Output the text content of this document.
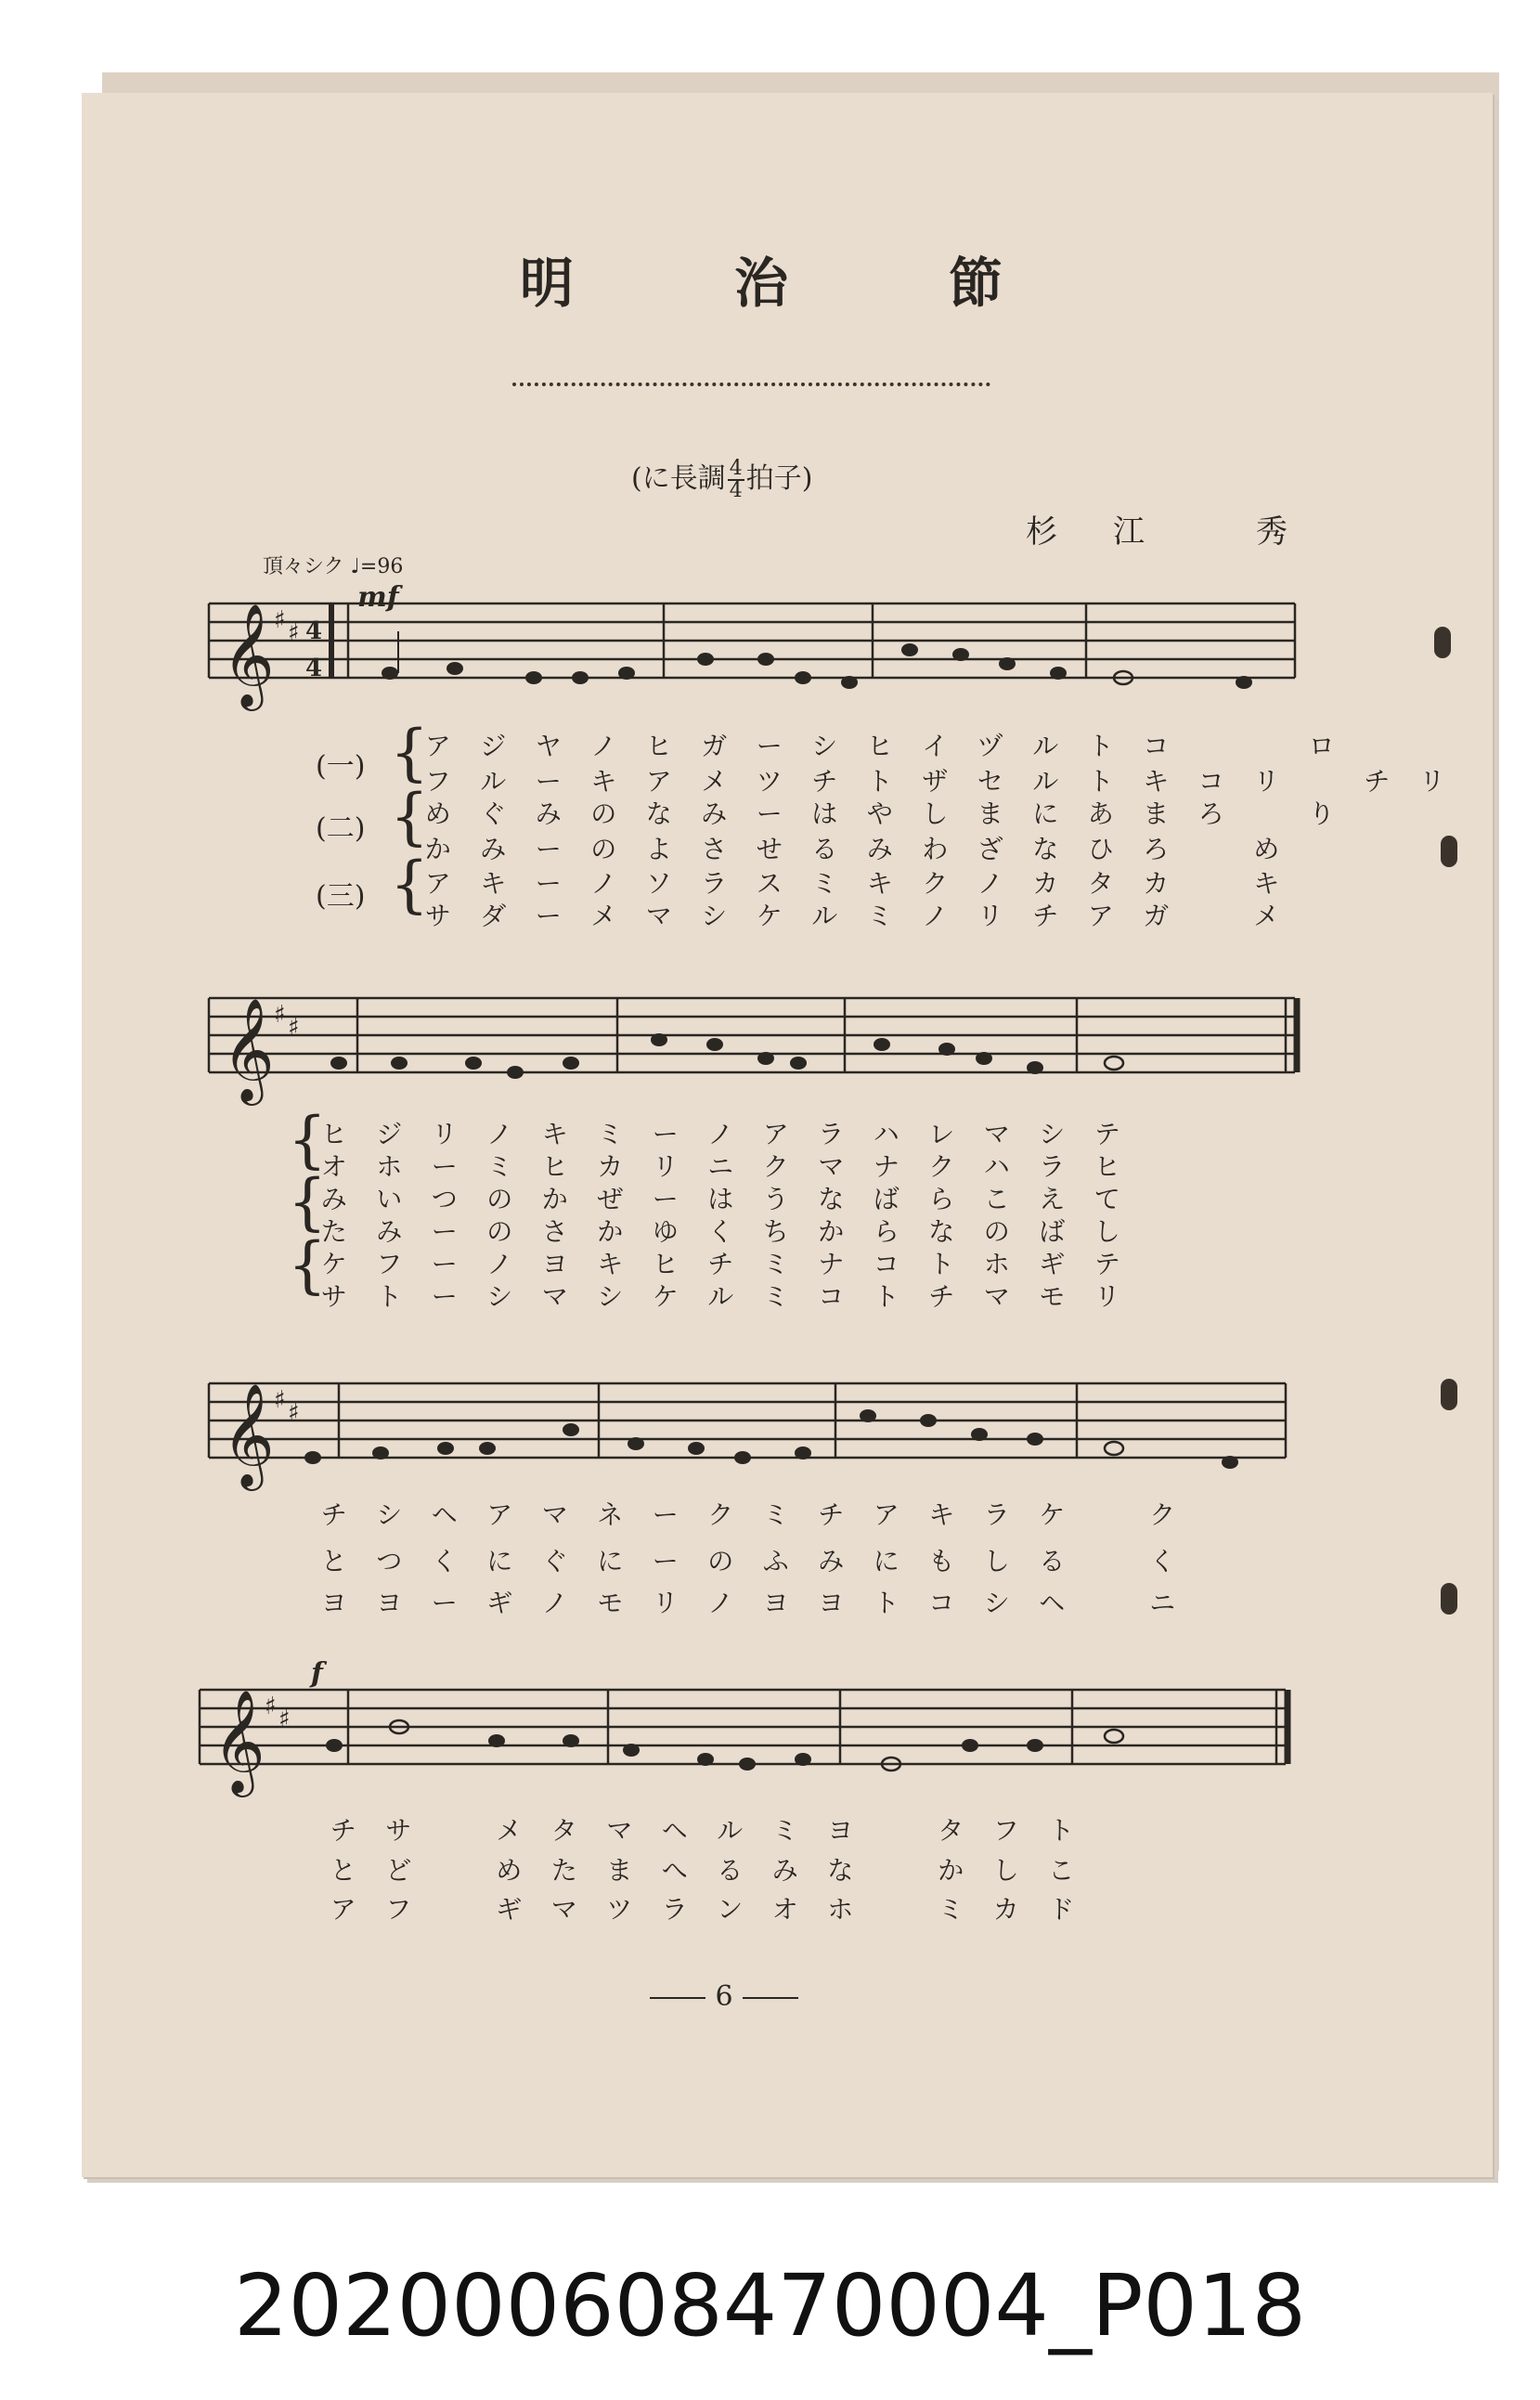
明	治	節
(に長調 $\frac{4}{4}$ 拍子)
杉江 秀
頂々シク ♩=96
mf
f
𝄞 ♯ ♯ 4
4
𝄞 ♯ ♯
𝄞 ♯ ♯
𝄞 ♯ ♯
(一)
(二)
(三)
{
{
{
ア	ジ	ヤ	ノ	ヒ	ガ	ー	シ	ヒ	イ	ヅ	ル	ト	コ	ロ
フ	ル	ー	キ	ア	メ	ツ	チ	ト	ザ	セ	ル	ト	キ	コ	リ	チ	リ
め	ぐ	み	の	な	み	ー	は	や	し	ま	に	あ	ま	ろ	り
か	み	ー	の	よ	さ	せ	る	み	わ	ざ	な	ひ	ろ	め
ア	キ	ー	ノ	ソ	ラ	ス	ミ	キ	ク	ノ	カ	タ	カ	キ
サ	ダ	ー	メ	マ	シ	ケ	ル	ミ	ノ	リ	チ	ア	ガ	メ
{
{
{
ヒ	ジ	リ	ノ	キ	ミ	ー	ノ	ア	ラ	ハ	レ	マ	シ	テ
オ	ホ	ー	ミ	ヒ	カ	リ	ニ	ク	マ	ナ	ク	ハ	ラ	ヒ
み	い	つ	の	か	ぜ	ー	は	う	な	ば	ら	こ	え	て
た	み	ー	の	さ	か	ゆ	く	ち	か	ら	な	の	ば	し
ケ	フ	ー	ノ	ヨ	キ	ヒ	チ	ミ	ナ	コ	ト	ホ	ギ	テ
サ	ト	ー	シ	マ	シ	ケ	ル	ミ	コ	ト	チ	マ	モ	リ
チ	シ	ヘ	ア	マ	ネ	ー	ク	ミ	チ	ア	キ	ラ	ケ	ク
と	つ	く	に	ぐ	に	ー	の	ふ	み	に	も	し	る	く
ヨ	ヨ	ー	ギ	ノ	モ	リ	ノ	ヨ	ヨ	ト	コ	シ	ヘ	ニ
チ	サ	メ	タ	マ	ヘ	ル	ミ	ヨ	タ	フ	ト
と	ど	め	た	ま	へ	る	み	な	か	し	こ
ア	フ	ギ	マ	ツ	ラ	ン	オ	ホ	ミ	カ	ド
6
202000608470004_P018
